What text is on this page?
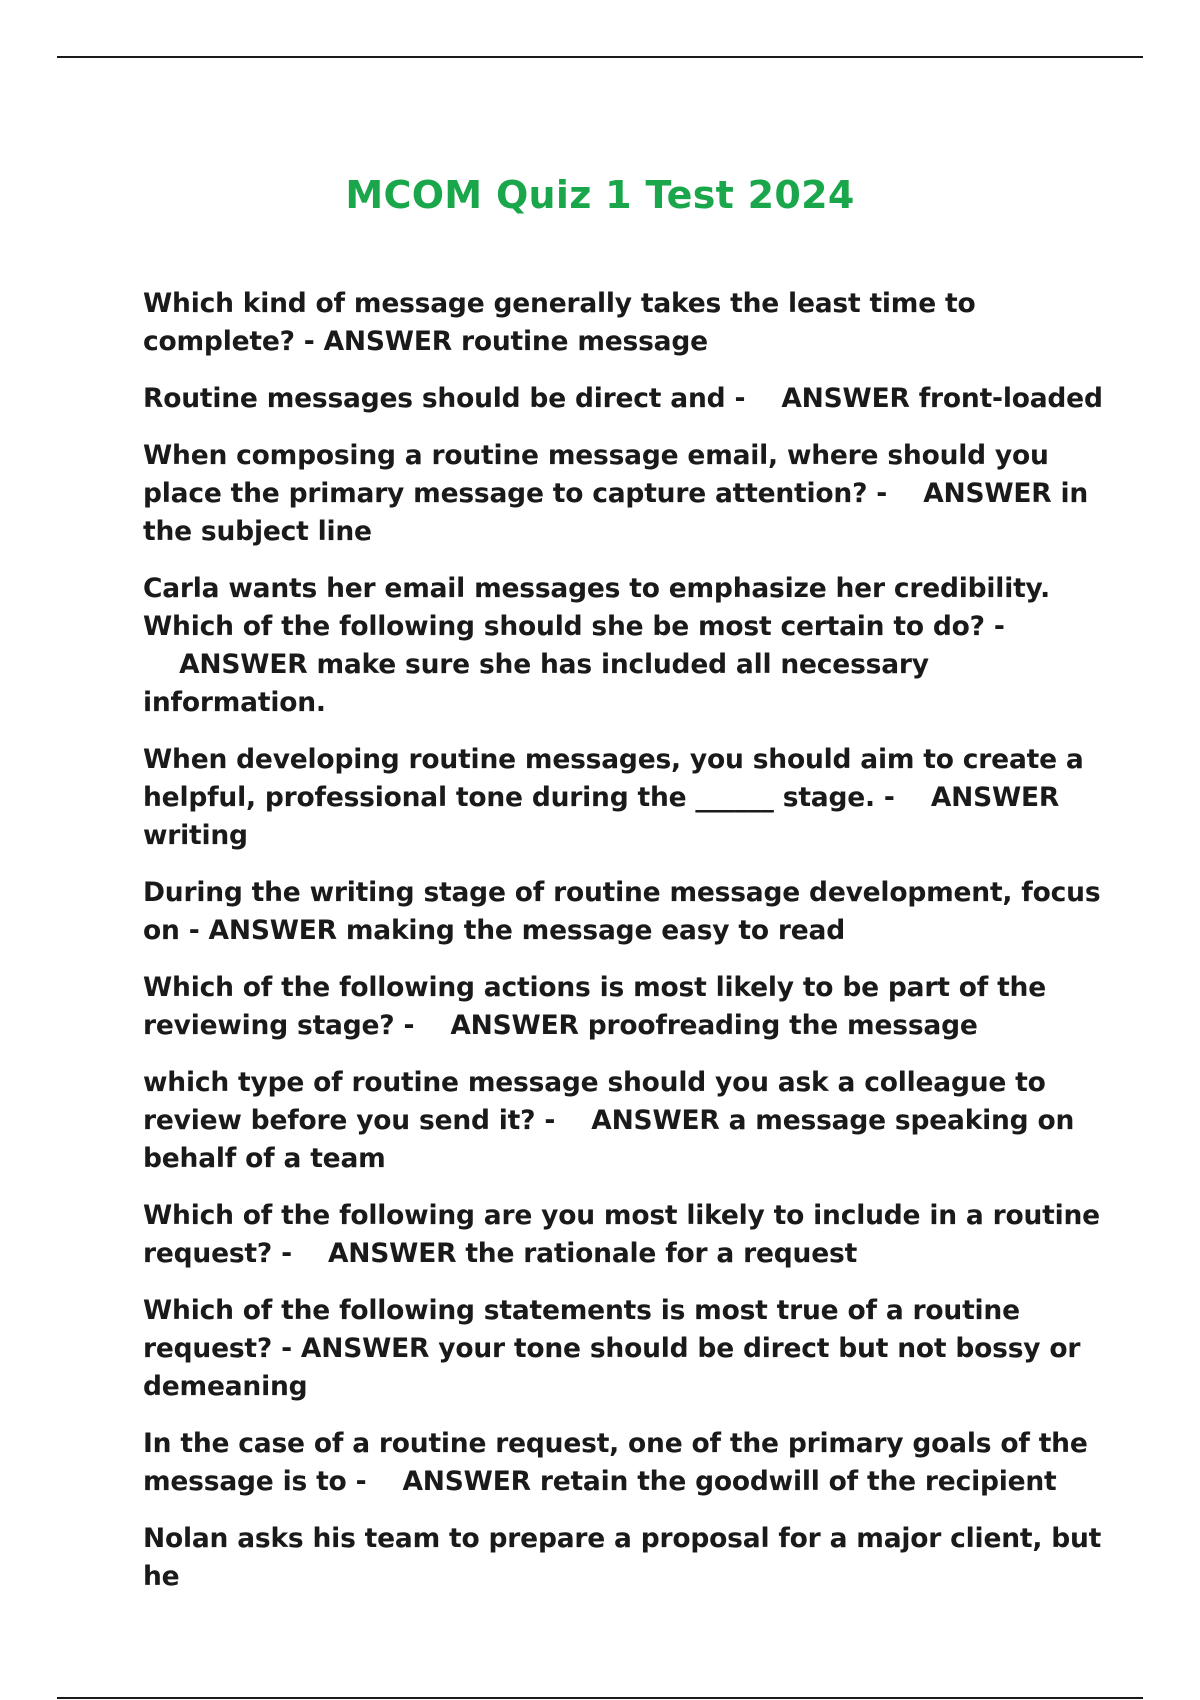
MCOM Quiz 1 Test 2024
Which kind of message generally takes the least time to complete? - ANSWER routine message
Routine messages should be direct and - ANSWER front-loaded
When composing a routine message email, where should you place the primary message to capture attention? - ANSWER in the subject line
Carla wants her email messages to emphasize her credibility. Which of the following should she be most certain to do? -    ANSWER make sure she has included all necessary information.
When developing routine messages, you should aim to create a helpful, professional tone during the ______ stage. - ANSWER writing
During the writing stage of routine message development, focus on - ANSWER making the message easy to read
Which of the following actions is most likely to be part of the reviewing stage? - ANSWER proofreading the message
which type of routine message should you ask a colleague to review before you send it? - ANSWER a message speaking on behalf of a team
Which of the following are you most likely to include in a routine request? - ANSWER the rationale for a request
Which of the following statements is most true of a routine request? - ANSWER your tone should be direct but not bossy or demeaning
In the case of a routine request, one of the primary goals of the message is to - ANSWER retain the goodwill of the recipient
Nolan asks his team to prepare a proposal for a major client, but he
